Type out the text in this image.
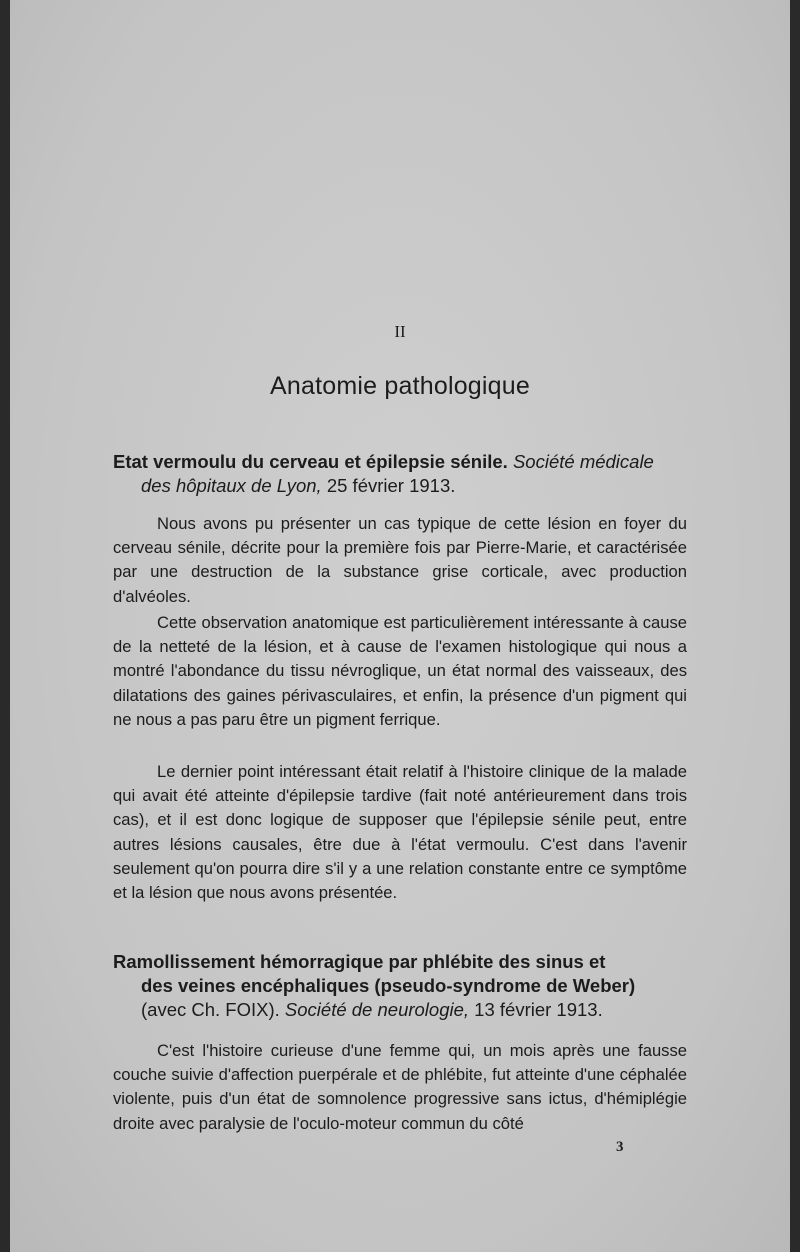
II
Anatomie pathologique
Etat vermoulu du cerveau et épilepsie sénile. Société médicale
des hôpitaux de Lyon, 25 février 1913.

Nous avons pu présenter un cas typique de cette lésion en foyer du cerveau sénile, décrite pour la première fois par Pierre-Marie, et caractérisée par une destruction de la substance grise corticale, avec production d'alvéoles.

Cette observation anatomique est particulièrement intéressante à cause de la netteté de la lésion, et à cause de l'examen histologique qui nous a montré l'abondance du tissu névroglique, un état normal des vaisseaux, des dilatations des gaines périvasculaires, et enfin, la présence d'un pigment qui ne nous a pas paru être un pigment ferrique.

Le dernier point intéressant était relatif à l'histoire clinique de la malade qui avait été atteinte d'épilepsie tardive (fait noté antérieurement dans trois cas), et il est donc logique de supposer que l'épilepsie sénile peut, entre autres lésions causales, être due à l'état vermoulu. C'est dans l'avenir seulement qu'on pourra dire s'il y a une relation constante entre ce symptôme et la lésion que nous avons présentée.

Ramollissement hémorragique par phlébite des sinus et
des veines encéphaliques (pseudo-syndrome de Weber)
(avec Ch. FOIX). Société de neurologie, 13 février 1913.

C'est l'histoire curieuse d'une femme qui, un mois après une fausse couche suivie d'affection puerpérale et de phlébite, fut atteinte d'une céphalée violente, puis d'un état de somnolence progressive sans ictus, d'hémiplégie droite avec paralysie de l'oculo-moteur commun du côté

3
